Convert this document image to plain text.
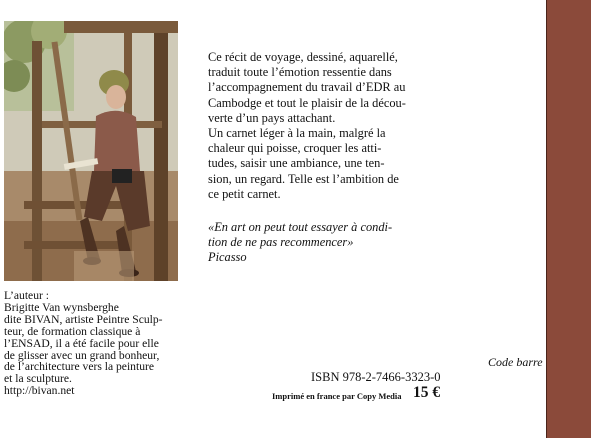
Ce récit de voyage, dessiné, aquarellé,

traduit toute l’émotion ressentie dans

l’accompagnement du travail d’EDR au

Cambodge et tout le plaisir de la décou-

verte d’un pays attachant.

Un carnet léger à la main, malgré la

chaleur qui poisse, croquer les atti-

tudes, saisir une ambiance, une ten-

sion, un regard. Telle est l’ambition de

ce petit carnet.

«En art on peut tout essayer à condi-

tion de ne pas recommencer»

Picasso

L’auteur :

Brigitte Van wynsberghe

dite BIVAN, artiste Peintre Sculp-

teur, de formation classique à

l’ENSAD, il a été facile pour elle

de glisser avec un grand bonheur,

de l’architecture vers la peinture

et la sculpture.

http://bivan.net

ISBN 978-2-7466-3323-0
Imprimé en france par Copy Media 15 €
Code barre
